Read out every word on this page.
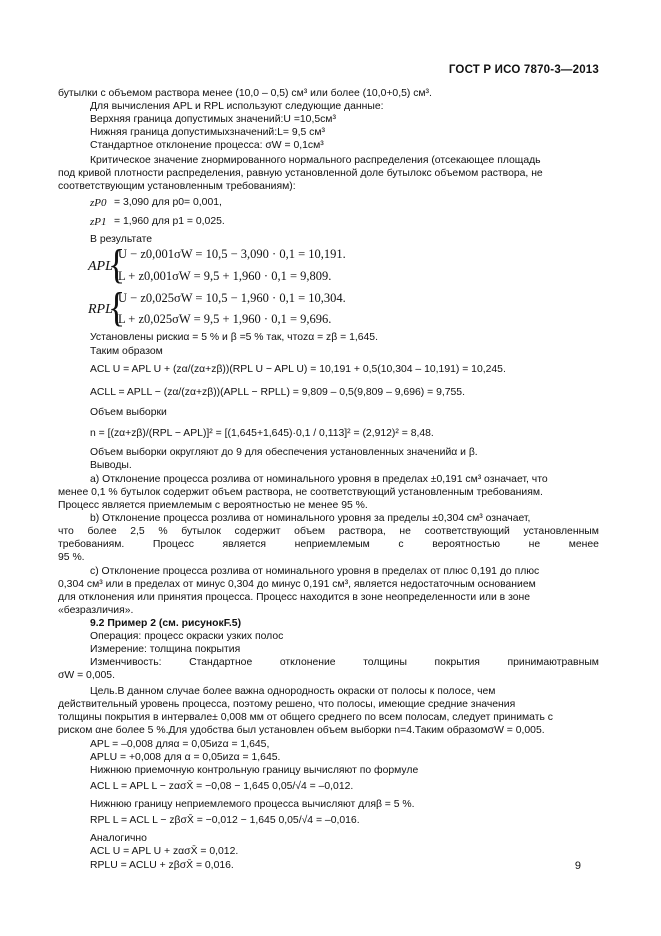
ГОСТ Р ИСО 7870-3—2013
бутылки с объемом раствора менее (10,0 – 0,5) см³ или более (10,0+0,5) см³.
Для вычисления APL и RPL используют следующие данные:
Верхняя граница допустимых значений:U =10,5см³
Нижняя граница допустимыхзначений:L= 9,5 см³
Стандартное отклонение процесса: σW = 0,1см³
Критическое значение zнормированного нормального распределения (отсекающее площадь
под кривой плотности распределения, равную установленной доле бутылокс объемом раствора, не
соответствующим установленным требованиям):
zP0 = 3,090 для p0= 0,001,
zP1 = 1,960 для p1 = 0,025.
В результате
APL
{
U − z0,001σW = 10,5 − 3,090 · 0,1 = 10,191.
L + z0,001σW = 9,5 + 1,960 · 0,1 = 9,809.
RPL
{
U − z0,025σW = 10,5 − 1,960 · 0,1 = 10,304.
L + z0,025σW = 9,5 + 1,960 · 0,1 = 9,696.
Установлены рискиα = 5 % и β =5 % так, чтоzα = zβ = 1,645.
Таким образом
ACL U = APL U + (zα/(zα+zβ))(RPL U − APL U) = 10,191 + 0,5(10,304 – 10,191) = 10,245.
ACLL = APLL − (zα/(zα+zβ))(APLL − RPLL) = 9,809 – 0,5(9,809 – 9,696) = 9,755.
Объем выборки
n = [(zα+zβ)/(RPL − APL)]² = [(1,645+1,645)·0,1 / 0,113]² = (2,912)² = 8,48.
Объем выборки округляют до 9 для обеспечения установленных значенийα и β.
Выводы.
а) Отклонение процесса розлива от номинального уровня в пределах ±0,191 см³ означает, что
менее 0,1 % бутылок содержит объем раствора, не соответствующий установленным требованиям.
Процесс является приемлемым с вероятностью не менее 95 %.
b) Отклонение процесса розлива от номинального уровня за пределы ±0,304 см³ означает,
что более 2,5 % бутылок содержит объем раствора, не соответствующий установленным
требованиям.	Процесс	является	неприемлемым	с	вероятностью	не	менее
95 %.
с) Отклонение процесса розлива от номинального уровня в пределах от плюс 0,191 до плюс
0,304 см³ или в пределах от минус 0,304 до минус 0,191 см³, является недостаточным основанием
для отклонения или принятия процесса. Процесс находится в зоне неопределенности или в зоне
«безразличия».
9.2 Пример 2 (см. рисунокF.5)
Операция: процесс окраски узких полос
Измерение: толщина покрытия
Изменчивость:	Стандартное	отклонение	толщины	покрытия	принимаютравным
σW = 0,005.
Цель.В данном случае более важна однородность окраски от полосы к полосе, чем
действительный уровень процесса, поэтому решено, что полосы, имеющие средние значения
толщины покрытия в интервале± 0,008 мм от общего среднего по всем полосам, следует принимать с
риском αне более 5 %.Для удобства был установлен объем выборки n=4.Таким образомσW = 0,005.
APL = –0,008 дляα = 0,05иzα = 1,645,
APLU = +0,008 для α = 0,05иzα = 1,645.
Нижнюю приемочную контрольную границу вычисляют по формуле
ACL L = APL L − zασX̄ = −0,08 − 1,645 0,05/√4 = –0,012.
Нижнюю границу неприемлемого процесса вычисляют дляβ = 5 %.
RPL L = ACL L − zβσX̄ = −0,012 − 1,645 0,05/√4 = –0,016.
Аналогично
ACL U = APL U + zασX̄ = 0,012.
RPLU = ACLU + zβσX̄ = 0,016.	9
